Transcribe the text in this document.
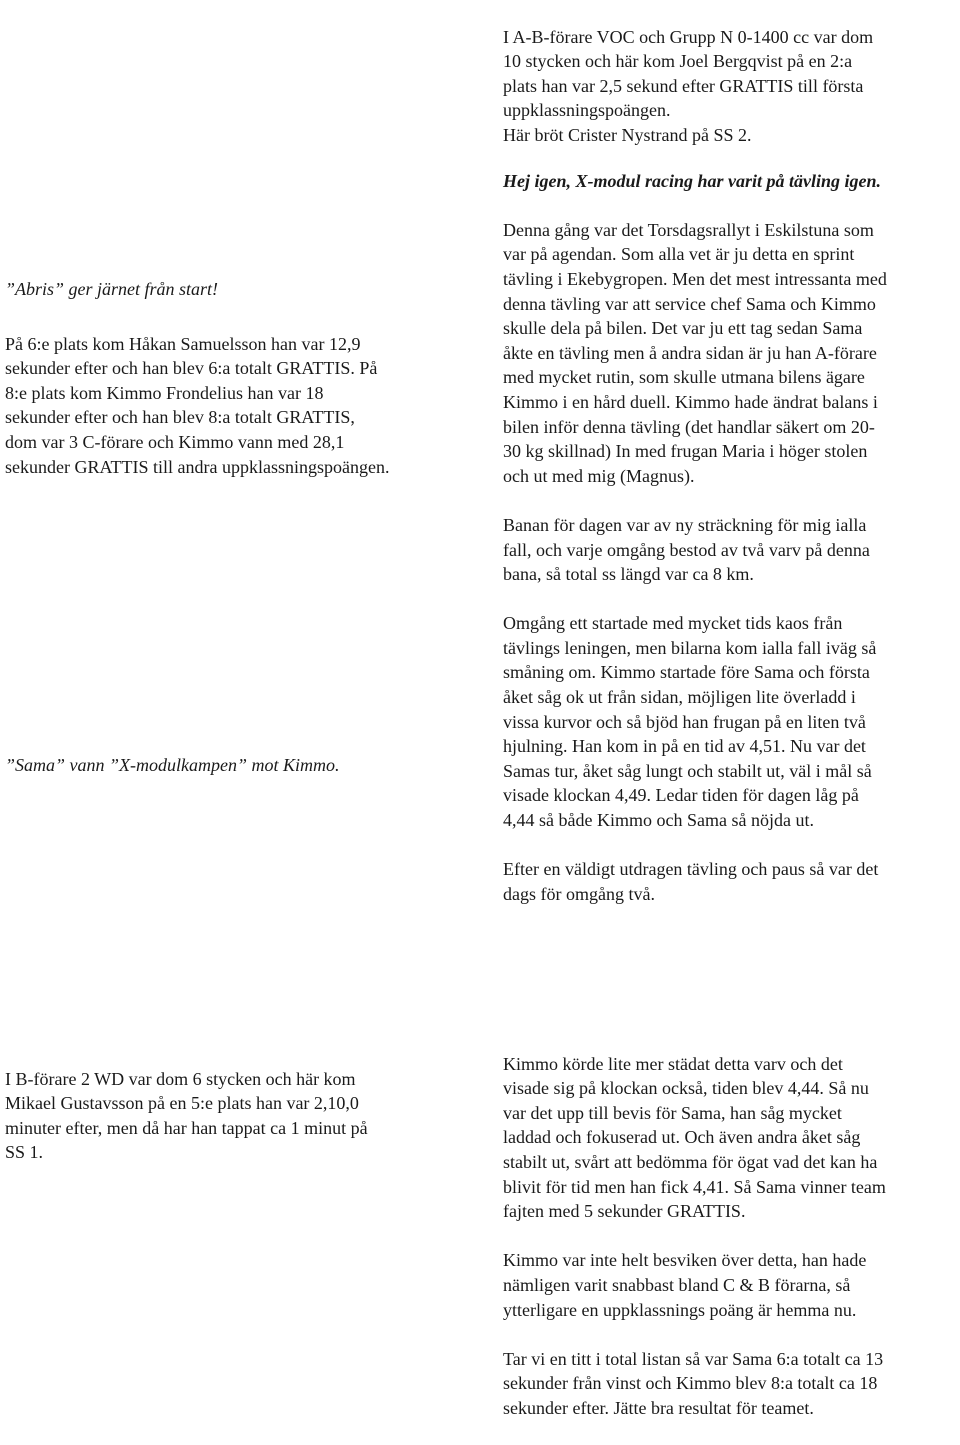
I A-B-förare VOC och Grupp N 0-1400 cc var dom
10 stycken och här kom Joel Bergqvist på en 2:a
plats han var 2,5 sekund efter GRATTIS till första
uppklassningspoängen.
Här bröt Crister Nystrand på SS 2.

”Abris” ger järnet från start!

På 6:e plats kom Håkan Samuelsson han var 12,9
sekunder efter och han blev 6:a totalt GRATTIS. På
8:e plats kom Kimmo Frondelius han var 18
sekunder efter och han blev 8:a totalt GRATTIS,
dom var 3 C-förare och Kimmo vann med 28,1
sekunder GRATTIS till andra uppklassningspoängen.

”Sama” vann ”X-modulkampen” mot Kimmo.

Hej igen, X-modul racing har varit på tävling igen.

Denna gång var det Torsdagsrallyt i Eskilstuna som
var på agendan. Som alla vet är ju detta en sprint
tävling i Ekebygropen. Men det mest intressanta med
denna tävling var att service chef Sama och Kimmo
skulle dela på bilen. Det var ju ett tag sedan Sama
åkte en tävling men å andra sidan är ju han A-förare
med mycket rutin, som skulle utmana bilens ägare
Kimmo i en hård duell. Kimmo hade ändrat balans i
bilen inför denna tävling (det handlar säkert om 20-
30 kg skillnad) In med frugan Maria i höger stolen
och ut med mig (Magnus).

Banan för dagen var av ny sträckning för mig ialla
fall, och varje omgång bestod av två varv på denna
bana, så total ss längd var ca 8 km.

Omgång ett startade med mycket tids kaos från
tävlings leningen, men bilarna kom ialla fall iväg så
småning om. Kimmo startade före Sama och första
åket såg ok ut från sidan, möjligen lite överladd i
vissa kurvor och så bjöd han frugan på en liten två
hjulning. Han kom in på en tid av 4,51. Nu var det
Samas tur, åket såg lungt och stabilt ut, väl i mål så
visade klockan 4,49. Ledar tiden för dagen låg på
4,44 så både Kimmo och Sama så nöjda ut.

Efter en väldigt utdragen tävling och paus så var det
dags för omgång två.

I B-förare 2 WD var dom 6 stycken och här kom
Mikael Gustavsson på en 5:e plats han var 2,10,0
minuter efter, men då har han tappat ca 1 minut på
SS 1.

Kimmo körde lite mer städat detta varv och det
visade sig på klockan också, tiden blev 4,44. Så nu
var det upp till bevis för Sama, han såg mycket
laddad och fokuserad ut. Och även andra åket såg
stabilt ut, svårt att bedömma för ögat vad det kan ha
blivit för tid men han fick 4,41. Så Sama vinner team
fajten med 5 sekunder GRATTIS.

Kimmo var inte helt besviken över detta, han hade
nämligen varit snabbast bland C & B förarna, så
ytterligare en uppklassnings poäng är hemma nu.

Tar vi en titt i total listan så var Sama 6:a totalt ca 13
sekunder från vinst och Kimmo blev 8:a totalt ca 18
sekunder efter. Jätte bra resultat för teamet.
